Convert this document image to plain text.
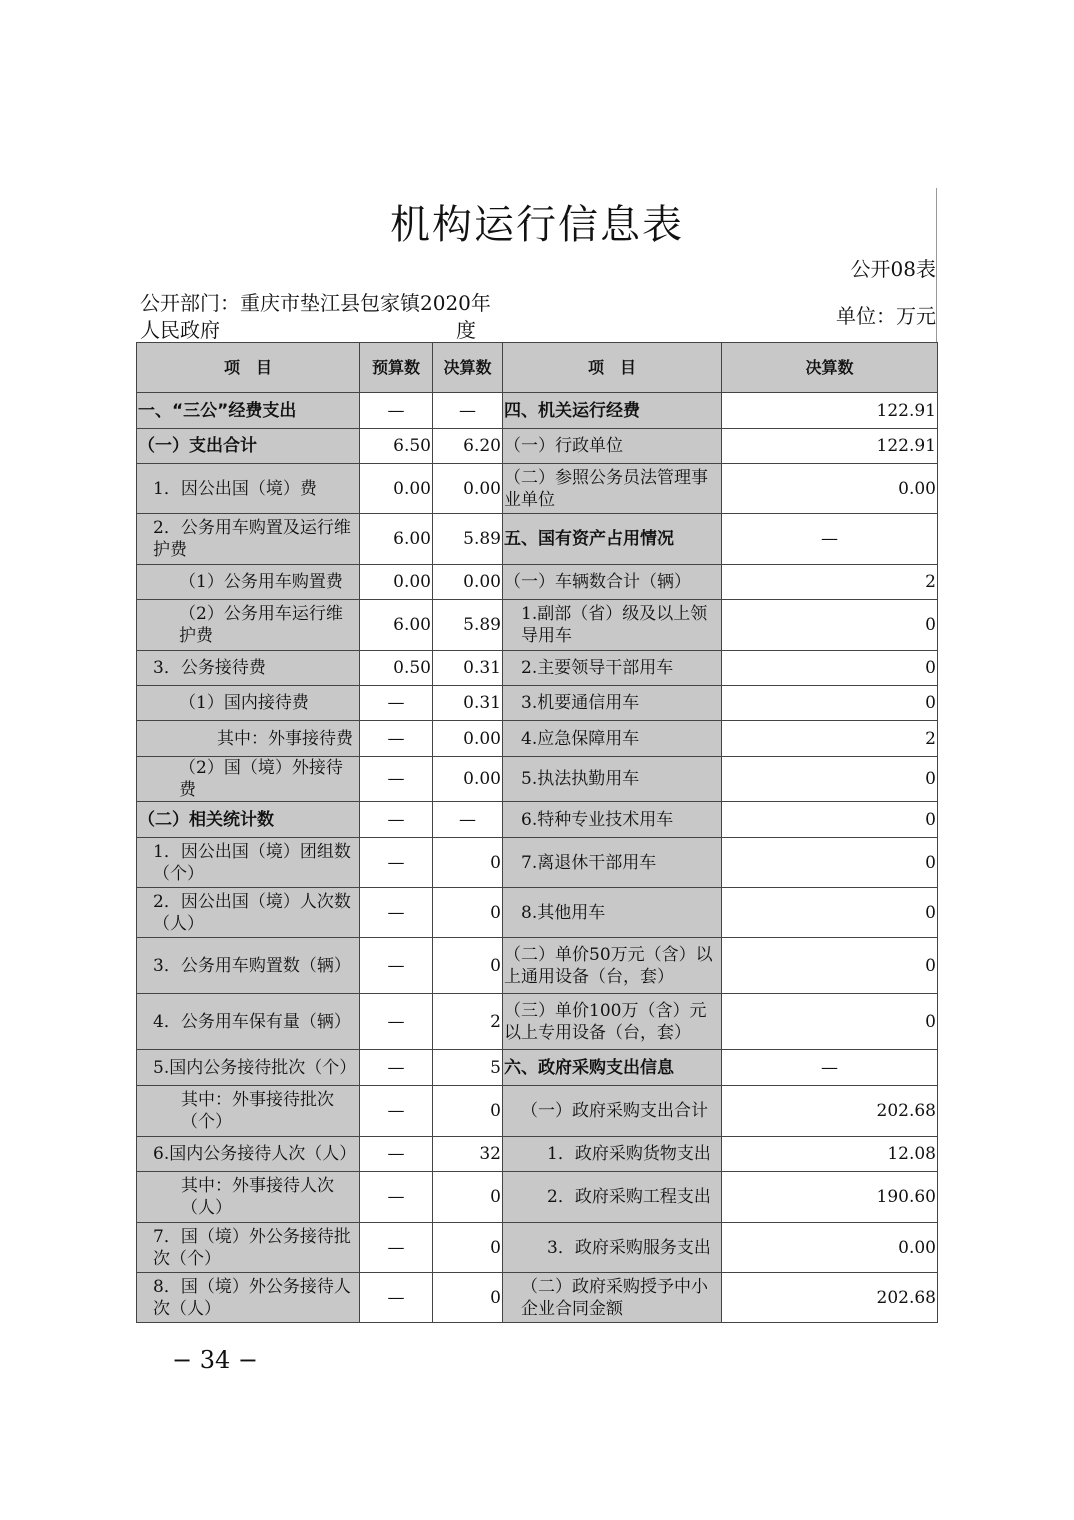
机构运行信息表
公开08表
公开部门：重庆市垫江县包家镇2020年
人民政府	度
单位：万元
项　目	预算数	决算数	项　目	决算数
一、“三公”经费支出	—	—	四、机关运行经费	122.91
（一）支出合计	6.50	6.20	（一）行政单位	122.91
1．因公出国（境）费	0.00	0.00	（二）参照公务员法管理事业单位	0.00
2．公务用车购置及运行维护费	6.00	5.89	五、国有资产占用情况	—
（1）公务用车购置费	0.00	0.00	（一）车辆数合计（辆）	2
（2）公务用车运行维护费	6.00	5.89	1.副部（省）级及以上领导用车	0
3．公务接待费	0.50	0.31	2.主要领导干部用车	0
（1）国内接待费	—	0.31	3.机要通信用车	0
其中：外事接待费	—	0.00	4.应急保障用车	2
（2）国（境）外接待费	—	0.00	5.执法执勤用车	0
（二）相关统计数	—	—	6.特种专业技术用车	0
1．因公出国（境）团组数（个）	—	0	7.离退休干部用车	0
2．因公出国（境）人次数（人）	—	0	8.其他用车	0
3．公务用车购置数（辆）	—	0	（二）单价50万元（含）以上通用设备（台，套）	0
4．公务用车保有量（辆）	—	2	（三）单价100万（含）元以上专用设备（台，套）	0
5.国内公务接待批次（个）	—	5	六、政府采购支出信息	—
其中：外事接待批次（个）	—	0	（一）政府采购支出合计	202.68
6.国内公务接待人次（人）	—	32	1．政府采购货物支出	12.08
其中：外事接待人次（人）	—	0	2．政府采购工程支出	190.60
7．国（境）外公务接待批次（个）	—	0	3．政府采购服务支出	0.00
8．国（境）外公务接待人次（人）	—	0	（二）政府采购授予中小企业合同金额	202.68
− 34 −
